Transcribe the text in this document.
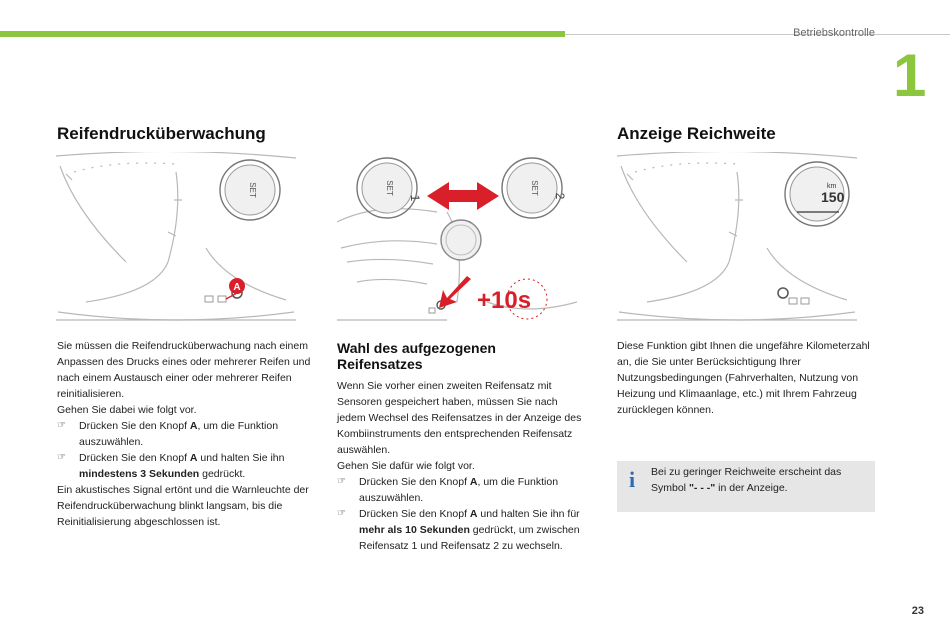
Betriebskontrolle
1
Reifendrucküberwachung
SET
A

Sie müssen die Reifendrucküberwachung nach einem Anpassen des Drucks eines oder mehrerer Reifen und nach einem Austausch einer oder mehrerer Reifen reinitialisieren.

Gehen Sie dabei wie folgt vor.

☞ Drücken Sie den Knopf A, um die Funktion auszuwählen.
☞ Drücken Sie den Knopf A und halten Sie ihn mindestens 3 Sekunden gedrückt.

Ein akustisches Signal ertönt und die Warnleuchte der Reifendrucküberwachung blinkt langsam, bis die Reinitialisierung abgeschlossen ist.

SET
1
SET
2
+10s
Wahl des aufgezogenen Reifensatzes

Wenn Sie vorher einen zweiten Reifensatz mit Sensoren gespeichert haben, müssen Sie nach jedem Wechsel des Reifensatzes in der Anzeige des Kombiinstruments den entsprechenden Reifensatz auswählen.

Gehen Sie dafür wie folgt vor.

☞ Drücken Sie den Knopf A, um die Funktion auszuwählen.
☞ Drücken Sie den Knopf A und halten Sie ihn für mehr als 10 Sekunden gedrückt, um zwischen Reifensatz 1 und Reifensatz 2 zu wechseln.
Anzeige Reichweite
km
150

Diese Funktion gibt Ihnen die ungefähre Kilometerzahl an, die Sie unter Berücksichtigung Ihrer Nutzungsbedingungen (Fahrverhalten, Nutzung von Heizung und Klimaanlage, etc.) mit Ihrem Fahrzeug zurücklegen können.

i Bei zu geringer Reichweite erscheint das Symbol "- - -" in der Anzeige.
23
